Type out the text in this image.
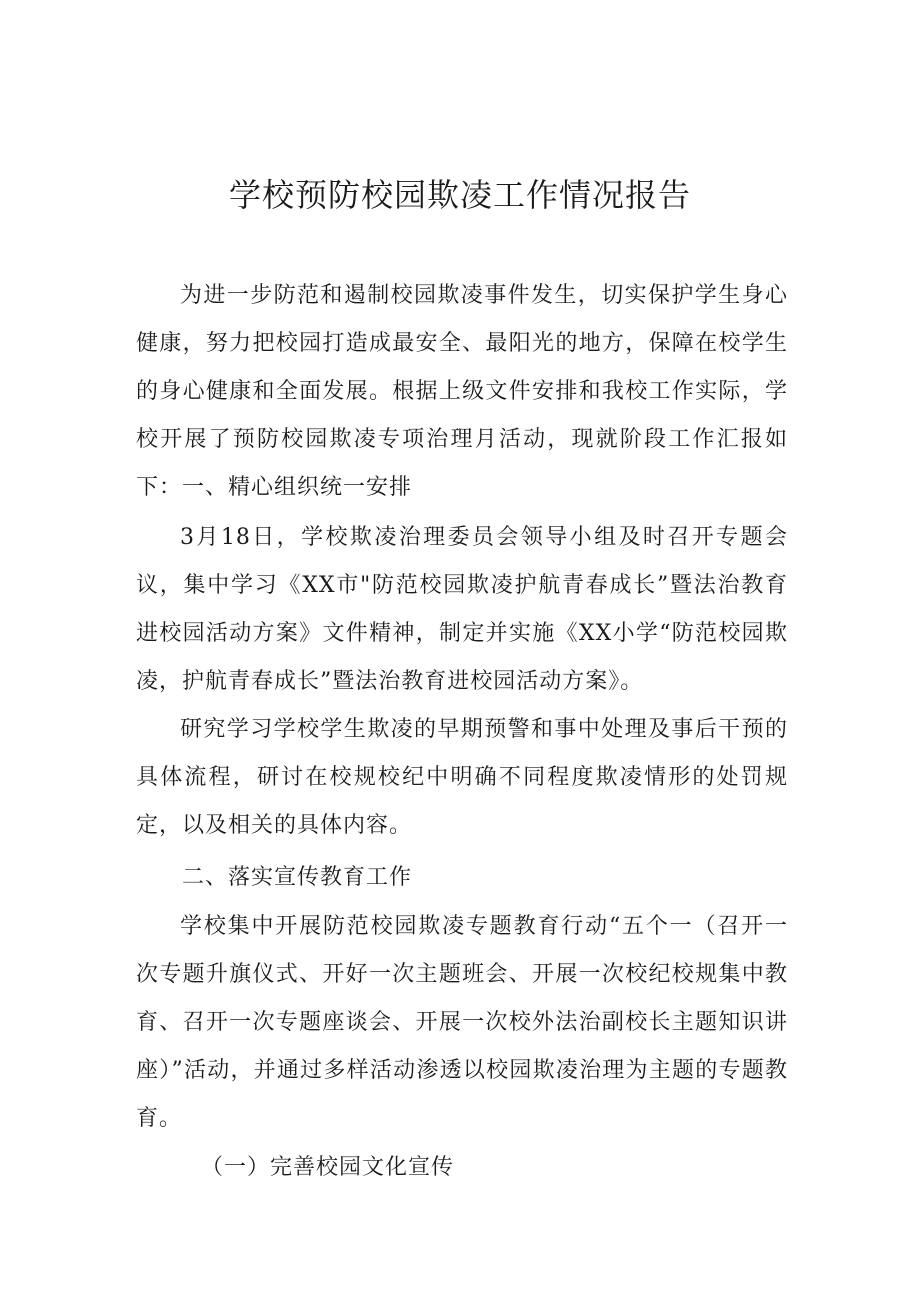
学校预防校园欺凌工作情况报告

为进一步防范和遏制校园欺凌事件发生，切实保护学生身心健康，努力把校园打造成最安全、最阳光的地方，保障在校学生的身心健康和全面发展。根据上级文件安排和我校工作实际，学校开展了预防校园欺凌专项治理月活动，现就阶段工作汇报如下： 一、精心组织统一安排

3月18日，学校欺凌治理委员会领导小组及时召开专题会议，集中学习《XX市"防范校园欺凌护航青春成长”暨法治教育进校园活动方案》文件精神，制定并实施《XX小学“防范校园欺凌，护航青春成长”暨法治教育进校园活动方案》。

研究学习学校学生欺凌的早期预警和事中处理及事后干预的具体流程，研讨在校规校纪中明确不同程度欺凌情形的处罚规定，以及相关的具体内容。

二、落实宣传教育工作

学校集中开展防范校园欺凌专题教育行动“五个一（召开一次专题升旗仪式、开好一次主题班会、开展一次校纪校规集中教育、召开一次专题座谈会、开展一次校外法治副校长主题知识讲座）”活动，并通过多样活动渗透以校园欺凌治理为主题的专题教育。

（一）完善校园文化宣传
